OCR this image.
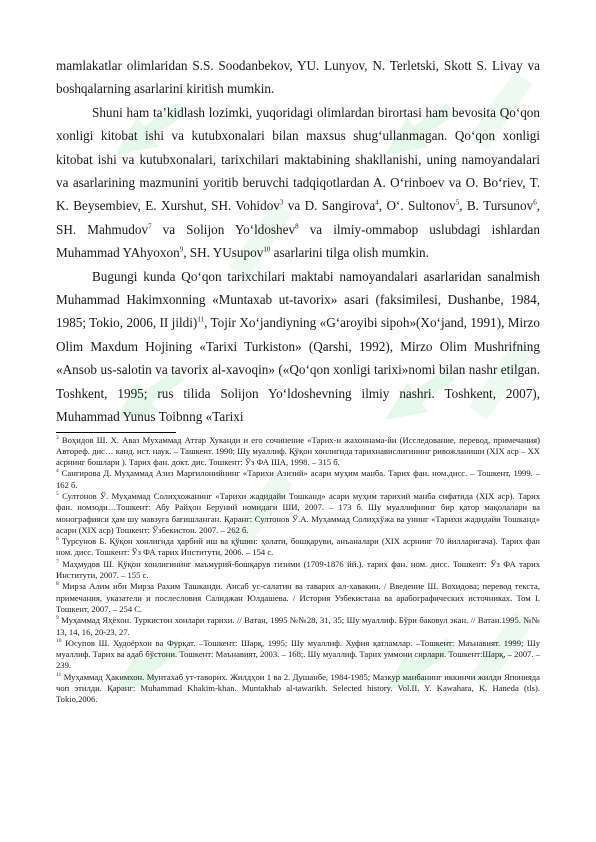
mamlakatlar olimlaridan S.S. Soodanbekov, YU. Lunyov, N. Terletski, Skott S. Livay va boshqalarning asarlarini kiritish mumkin.

Shuni ham ta’kidlash lozimki, yuqoridagi olimlardan birortasi ham bevosita Qo‘qon xonligi kitobat ishi va kutubxonalari bilan maxsus shug‘ullanmagan. Qo‘qon xonligi kitobat ishi va kutubxonalari, tarixchilari maktabining shakllanishi, uning namoyandalari va asarlarining mazmunini yoritib beruvchi tadqiqotlardan A. O‘rinboev va O. Bo‘riev, T. K. Beysembiev, E. Xurshut, SH. Vohidov$^3$ va D. Sangirova$^4$, O‘. Sultonov$^5$, B. Tursunov$^6$, SH. Mahmudov$^7$ va Solijon Yo‘ldoshev$^8$ va ilmiy-ommabop uslubdagi ishlardan Muhammad YAhyoxon$^9$, SH. YUsupov$^{10}$ asarlarini tilga olish mumkin.

Bugungi kunda Qo‘qon tarixchilari maktabi namoyandalari asarlaridan sanalmish Muhammad Hakimxonning «Muntaxab ut-tavorix» asari (faksimilesi, Dushanbe, 1984, 1985; Tokio, 2006, II jildi)$^{11}$, Tojir Xo‘jandiyning «G‘aroyibi sipoh»(Xo‘jand, 1991), Mirzo Olim Maxdum Hojining «Tarixi Turkiston» (Qarshi, 1992), Mirzo Olim Mushrifning «Ansob us-salotin va tavorix al-xavoqin» («Qo‘qon xonligi tarixi»nomi bilan nashr etilgan. Toshkent, 1995; rus tilida Solijon Yo‘ldoshevning ilmiy nashri. Toshkent, 2007), Muhammad Yunus Toibnng «Tarixi

$^3$ Воҳидов Ш. Х. Аваз Мухаммад Аттар Хуканди и его сочинение «Тарих-и жахоннама-йи (Исследование, перевод, примечания) Автореф. дис… канд. ист. наук. – Ташкент. 1990; Шу муаллиф. Қўқон хонлигида тарихнавислигининг ривожланиши (XIX аср – XX асрнинг бошлари ). Тарих фан. докт. дис. Тошкент: Ўз ФА ША, 1998. – 315 б.

$^4$ Сангирова Д. Муҳаммад Азиз Марғилонийнинг «Тарихи Азизий» асари муҳим манба. Тарих фан. ном.дисс. – Тошкент, 1999. – 162 б.

$^5$ Султонов Ў. Муҳаммад Солиҳхожанинг «Тарихи жадидайи Тошканд» асари муҳим тарихий манба сифатида (XIX аср). Тарих фан. номзоди…Тошкент: Абу Райҳон Беруний номидаги ШИ, 2007. – 173 б. Шу муаллифнинг бир қатор мақолалари ва монографияси ҳам шу мавзуга бағишланган. Қаранг: Султонов Ў.А. Муҳаммад Солиҳхўжа ва унинг «Тарихи жадидайи Тошканд» асари (XIX аср) Тошкент: Ўзбекистон. 2007. – 262 б.

$^6$ Турсунов Б. Қўқон хонлигида ҳарбий иш ва қўшин: ҳолати, бошқаруви, анъаналари (XIX асрнинг 70 йилларигача). Тарих фан ном. дисс. Тошкент: Ўз ФА тарих Институти, 2006. – 154 с.

$^7$ Маҳмудов Ш. Қўқон хонлигининг маъмурий-бошқарув тизими (1709-1876 йй.). тарих фан. ном. дисс. Тошкент: Ўз ФА тарих Институти, 2007. – 155 с.

$^8$ Мирза Алим ибн Мирза Рахим Ташканди. Ансаб ус-салатин ва таварих ал-хавакин. / Введение Ш. Вохидова; перевод текста, примечания, указатели и послесловия Салиджан Юлдашева. / История Узбекистана ва арабографических источниках. Том I. Тошкент, 2007. – 254 С.

$^9$ Муҳаммад Яҳёхон. Туркистон хонлари тарихи. // Ватан, 1995 №№28, 31, 35; Шу муаллиф. Бўри баковул экан. // Ватан.1995. №№ 13, 14, 16, 20-23, 27.

$^{10}$ Юсупов Ш. Худоёрхон ва Фурқат. –Тошкент: Шарқ, 1995; Шу муаллиф. Хуфия қатламлар. –Тошкент: Маънавият. 1999; Шу муаллиф. Тарих ва адаб бўстони. Тошкент: Маънавият, 2003. – 168;. Шу муаллиф. Тарих уммони сирлари. Тошкент:Шарқ, – 2007. – 239.

$^{11}$ Муҳаммад Ҳакимхон. Мунтахаб ут-таворих. Жилдҳои 1 ва 2. Душанбе, 1984-1985; Мазкур манбанинг иккинчи жилди Японияда чоп этилди. Қаранг: Muhammad Khakim-khan. Muntakhab al-tawarikh. Selected history. Vol.II. Y. Kawahara, K. Haneda (tls). Tokio,2006.
